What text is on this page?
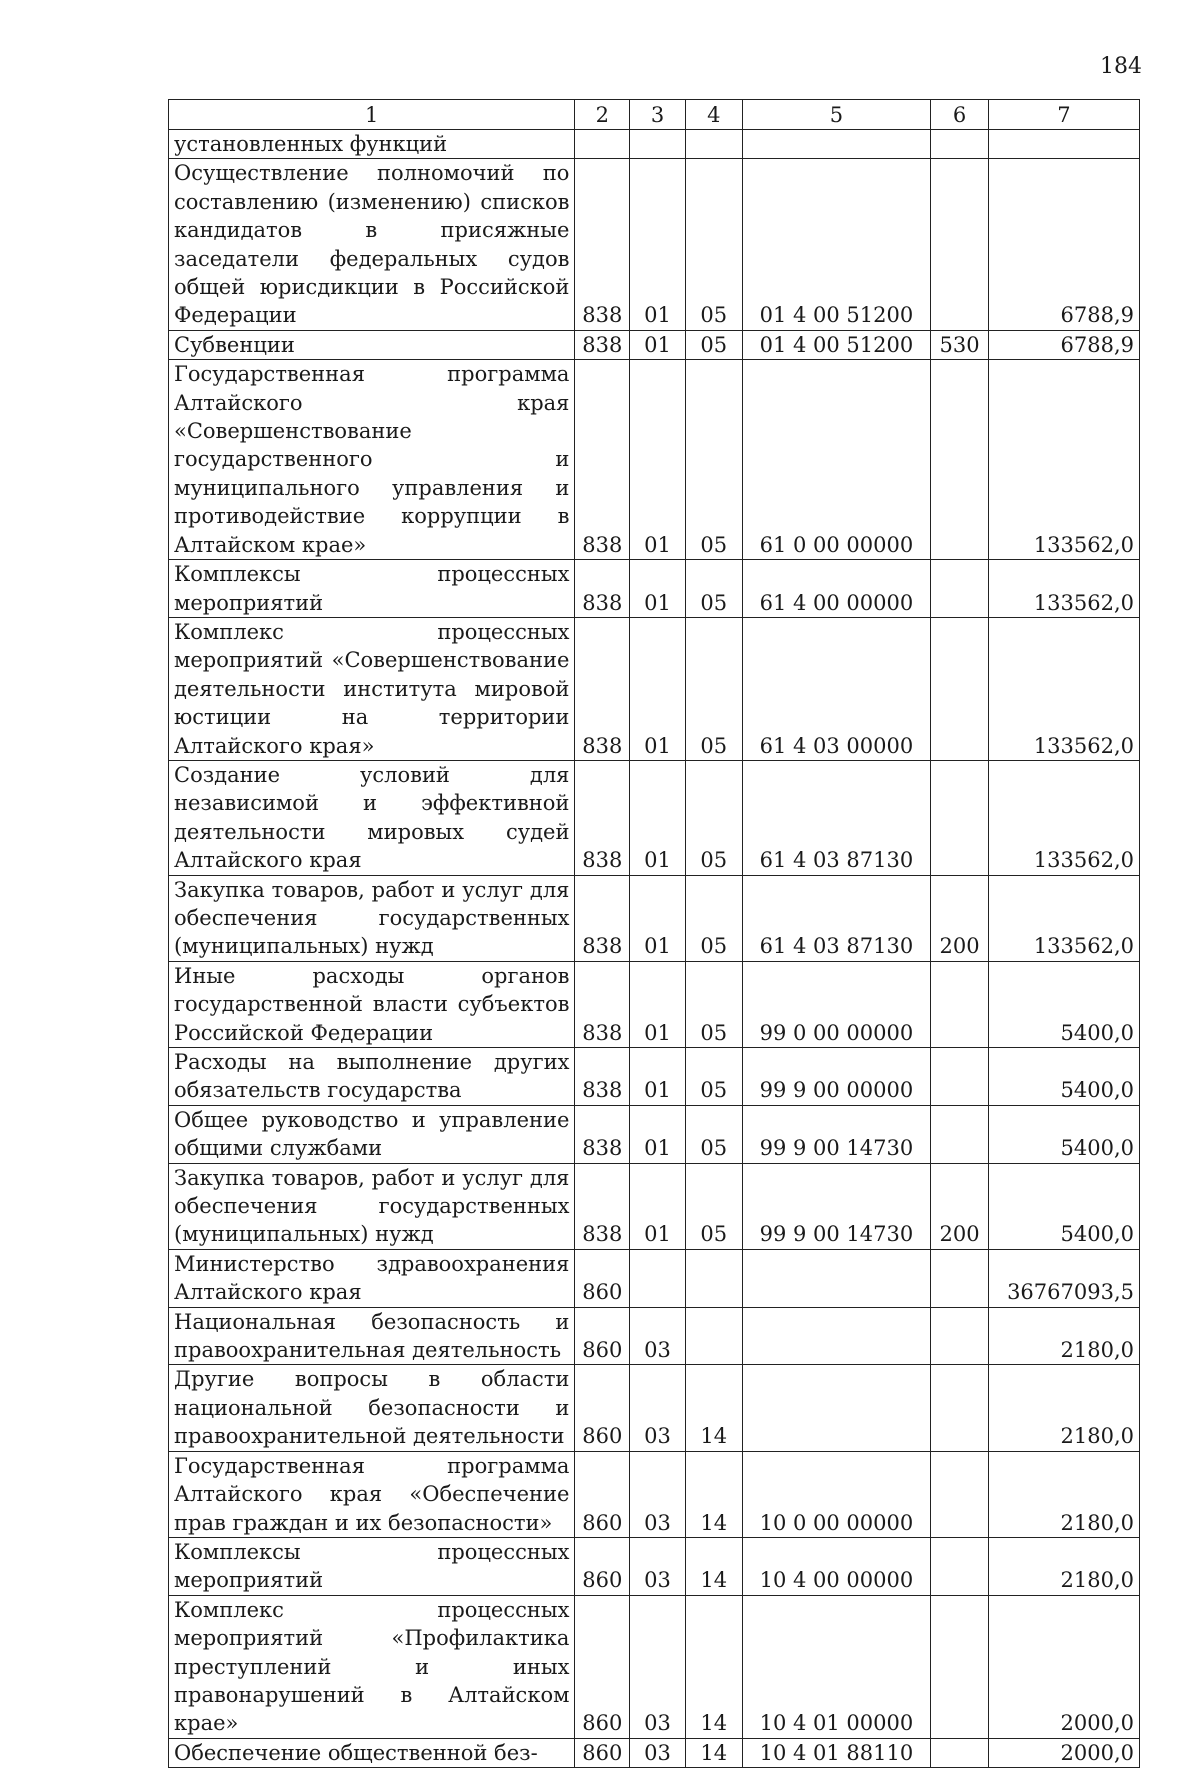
184
1	2	3	4	5	6	7
установленных функций						
Осуществление полномочий по составлению (изменению) списков кандидатов в присяжные заседатели федеральных судов общей юрисдикции в Российской Федерации	838	01	05	01 4 00 51200		6788,9
Субвенции	838	01	05	01 4 00 51200	530	6788,9
Государственная программа Алтайского края «Совершенствование государственного и муниципального управления и противодействие коррупции в Алтайском крае»	838	01	05	61 0 00 00000		133562,0
Комплексы процессных мероприятий	838	01	05	61 4 00 00000		133562,0
Комплекс процессных мероприятий «Совершенствование деятельности института мировой юстиции на территории Алтайского края»	838	01	05	61 4 03 00000		133562,0
Создание условий для независимой и эффективной деятельности мировых судей Алтайского края	838	01	05	61 4 03 87130		133562,0
Закупка товаров, работ и услуг для обеспечения государственных (муниципальных) нужд	838	01	05	61 4 03 87130	200	133562,0
Иные расходы органов государственной власти субъектов Российской Федерации	838	01	05	99 0 00 00000		5400,0
Расходы на выполнение других обязательств государства	838	01	05	99 9 00 00000		5400,0
Общее руководство и управление общими службами	838	01	05	99 9 00 14730		5400,0
Закупка товаров, работ и услуг для обеспечения государственных (муниципальных) нужд	838	01	05	99 9 00 14730	200	5400,0
Министерство здравоохранения Алтайского края	860					36767093,5
Национальная безопасность и правоохранительная деятельность	860	03				2180,0
Другие вопросы в области национальной безопасности и правоохранительной деятельности	860	03	14			2180,0
Государственная программа Алтайского края «Обеспечение прав граждан и их безопасности»	860	03	14	10 0 00 00000		2180,0
Комплексы процессных мероприятий	860	03	14	10 4 00 00000		2180,0
Комплекс процессных мероприятий «Профилактика преступлений и иных правонарушений в Алтайском крае»	860	03	14	10 4 01 00000		2000,0
Обеспечение общественной без-	860	03	14	10 4 01 88110		2000,0
